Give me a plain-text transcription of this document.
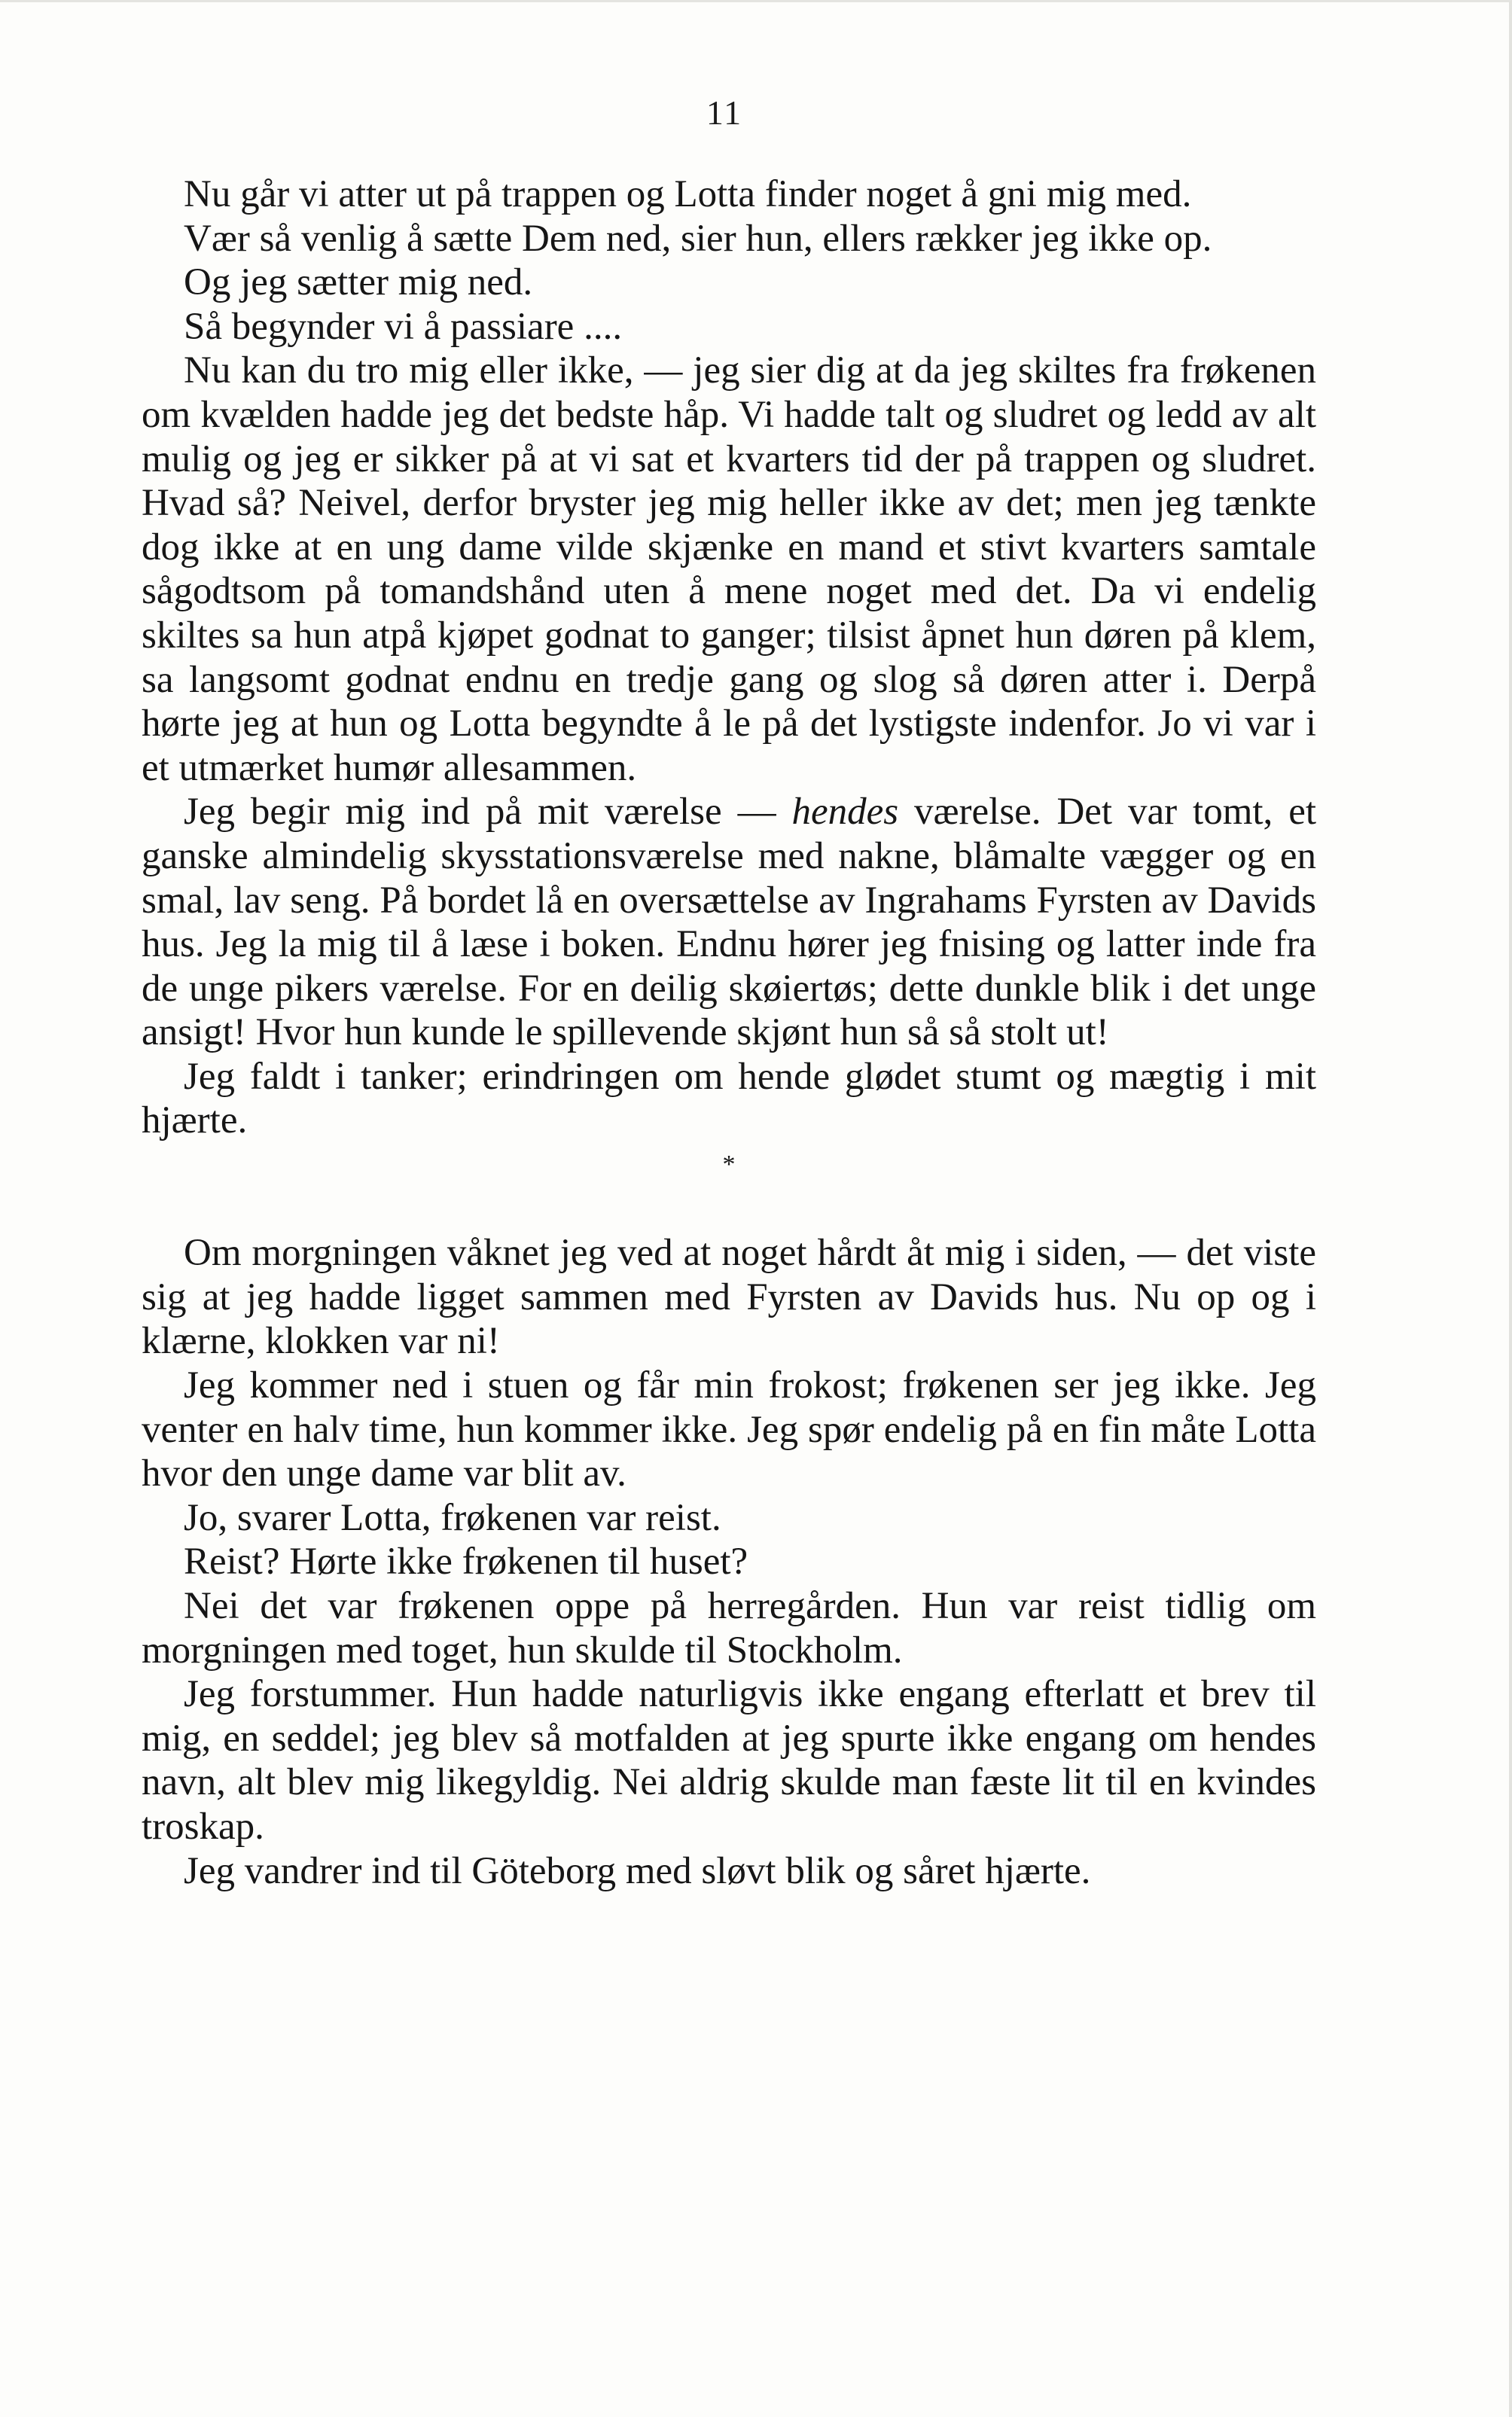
11

Nu går vi atter ut på trappen og Lotta finder noget å gni mig med.

Vær så venlig å sætte Dem ned, sier hun, ellers rækker jeg ikke op.

Og jeg sætter mig ned.

Så begynder vi å passiare ....

Nu kan du tro mig eller ikke, — jeg sier dig at da jeg skiltes fra frøkenen om kvælden hadde jeg det bedste håp. Vi hadde talt og sludret og ledd av alt mulig og jeg er sikker på at vi sat et kvarters tid der på trappen og sludret. Hvad så? Neivel, derfor bryster jeg mig heller ikke av det; men jeg tænkte dog ikke at en ung dame vilde skjænke en mand et stivt kvarters samtale sågodtsom på tomandshånd uten å mene noget med det. Da vi endelig skiltes sa hun atpå kjøpet godnat to ganger; tilsist åpnet hun døren på klem, sa langsomt godnat endnu en tredje gang og slog så døren atter i. Derpå hørte jeg at hun og Lotta begyndte å le på det lystigste indenfor. Jo vi var i et utmærket humør allesammen.

Jeg begir mig ind på mit værelse — hendes værelse. Det var tomt, et ganske almindelig skysstationsværelse med nakne, blåmalte vægger og en smal, lav seng. På bordet lå en oversættelse av Ingrahams Fyrsten av Davids hus. Jeg la mig til å læse i boken. Endnu hører jeg fnising og latter inde fra de unge pikers værelse. For en deilig skøiertøs; dette dunkle blik i det unge ansigt! Hvor hun kunde le spillevende skjønt hun så så stolt ut!

Jeg faldt i tanker; erindringen om hende glødet stumt og mægtig i mit hjærte.

*

Om morgningen våknet jeg ved at noget hårdt åt mig i siden, — det viste sig at jeg hadde ligget sammen med Fyrsten av Davids hus. Nu op og i klærne, klokken var ni!

Jeg kommer ned i stuen og får min frokost; frøkenen ser jeg ikke. Jeg venter en halv time, hun kommer ikke. Jeg spør endelig på en fin måte Lotta hvor den unge dame var blit av.

Jo, svarer Lotta, frøkenen var reist.

Reist? Hørte ikke frøkenen til huset?

Nei det var frøkenen oppe på herregården. Hun var reist tidlig om morgningen med toget, hun skulde til Stockholm.

Jeg forstummer. Hun hadde naturligvis ikke engang efterlatt et brev til mig, en seddel; jeg blev så motfalden at jeg spurte ikke engang om hendes navn, alt blev mig likegyldig. Nei aldrig skulde man fæste lit til en kvindes troskap.

Jeg vandrer ind til Göteborg med sløvt blik og såret hjærte.
